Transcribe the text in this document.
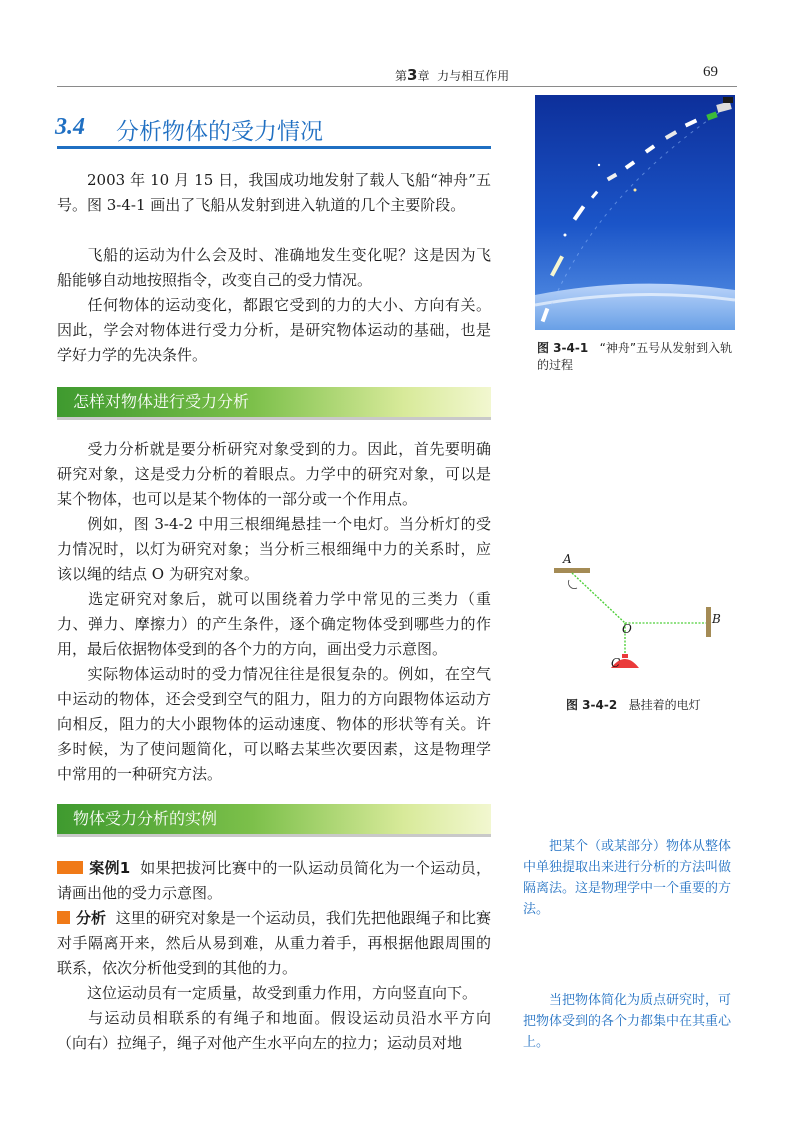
第3章 力与相互作用	69
3.4 分析物体的受力情况
2003 年 10 月 15 日，我国成功地发射了载人飞船“神舟”五号。图 3-4-1 画出了飞船从发射到进入轨道的几个主要阶段。
飞船的运动为什么会及时、准确地发生变化呢？这是因为飞船能够自动地按照指令，改变自己的受力情况。
任何物体的运动变化，都跟它受到的力的大小、方向有关。因此，学会对物体进行受力分析，是研究物体运动的基础，也是学好力学的先决条件。
怎样对物体进行受力分析
受力分析就是要分析研究对象受到的力。因此，首先要明确研究对象，这是受力分析的着眼点。力学中的研究对象，可以是某个物体，也可以是某个物体的一部分或一个作用点。
例如，图 3-4-2 中用三根细绳悬挂一个电灯。当分析灯的受力情况时，以灯为研究对象；当分析三根细绳中力的关系时，应该以绳的结点 O 为研究对象。
选定研究对象后，就可以围绕着力学中常见的三类力（重力、弹力、摩擦力）的产生条件，逐个确定物体受到哪些力的作用，最后依据物体受到的各个力的方向，画出受力示意图。
实际物体运动时的受力情况往往是很复杂的。例如，在空气中运动的物体，还会受到空气的阻力，阻力的方向跟物体运动方向相反，阻力的大小跟物体的运动速度、物体的形状等有关。许多时候，为了使问题简化，可以略去某些次要因素，这是物理学中常用的一种研究方法。
物体受力分析的实例
案例1 如果把拔河比赛中的一队运动员简化为一个运动员，请画出他的受力示意图。
分析 这里的研究对象是一个运动员，我们先把他跟绳子和比赛对手隔离开来，然后从易到难，从重力着手，再根据他跟周围的联系，依次分析他受到的其他的力。
这位运动员有一定质量，故受到重力作用，方向竖直向下。
与运动员相联系的有绳子和地面。假设运动员沿水平方向（向右）拉绳子，绳子对他产生水平向左的拉力；运动员对地
图 3-4-1 “神舟”五号从发射到入轨的过程
A
B
C
O
图 3-4-2 悬挂着的电灯
把某个（或某部分）物体从整体中单独提取出来进行分析的方法叫做隔离法。这是物理学中一个重要的方法。
当把物体简化为质点研究时，可把物体受到的各个力都集中在其重心上。
